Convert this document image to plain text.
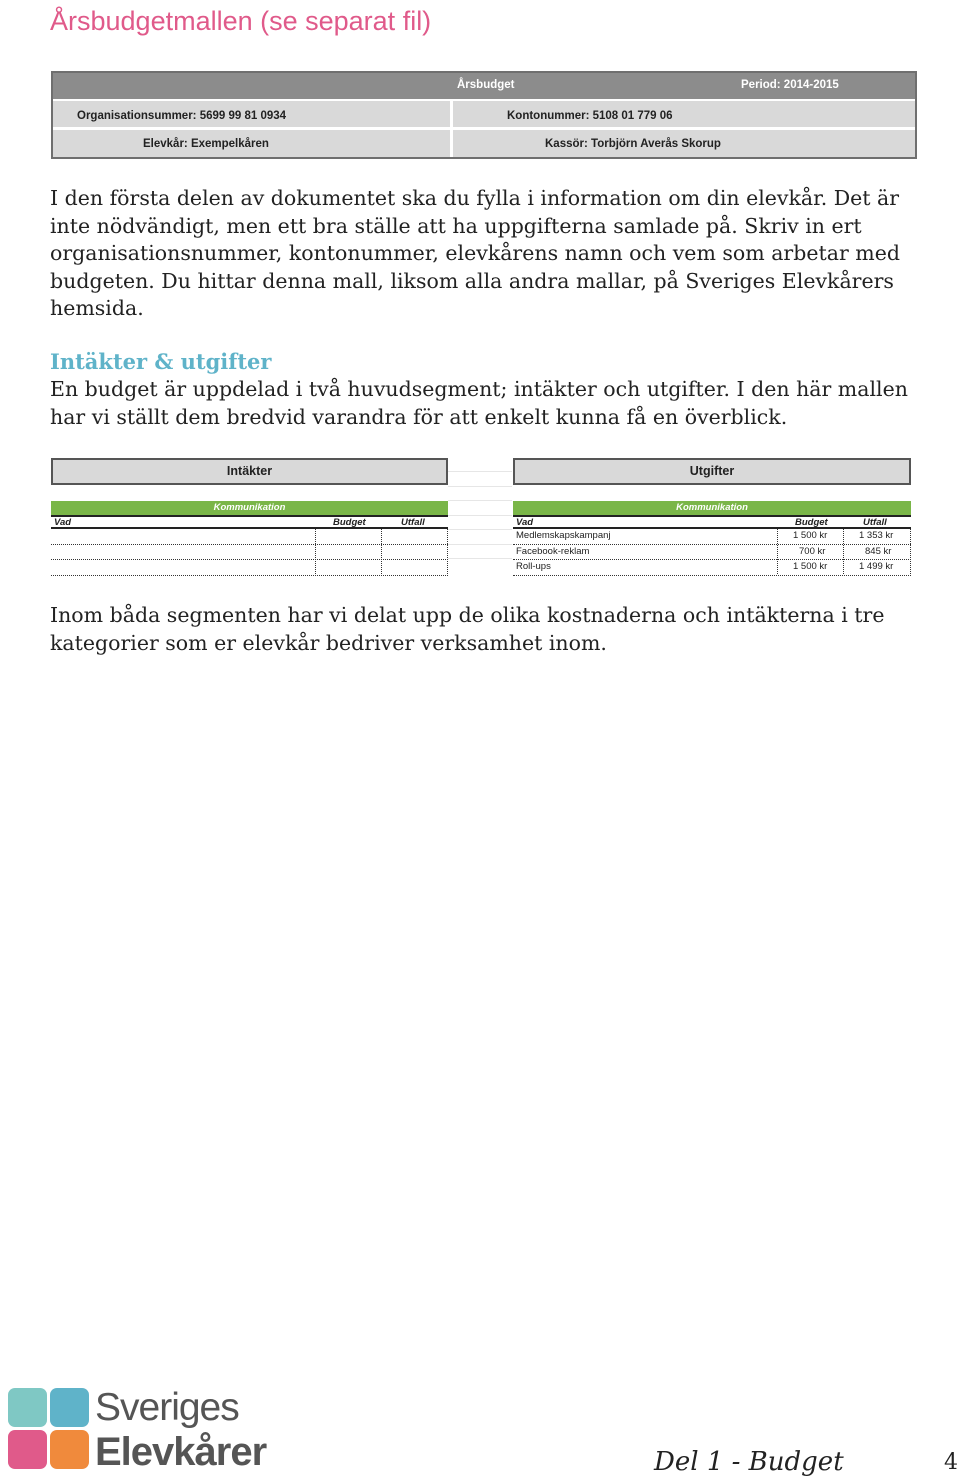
Årsbudgetmallen (se separat fil)
Årsbudget	Period: 2014-2015
Organisationsummer: 5699 99 81 0934	Kontonummer: 5108 01 779 06
Elevkår: Exempelkåren	Kassör: Torbjörn Averås Skorup
I den första delen av dokumentet ska du fylla i information om din elevkår. Det är inte nödvändigt, men ett bra ställe att ha uppgifterna samlade på. Skriv in ert organisationsnummer, kontonummer, elevkårens namn och vem som arbetar med budgeten. Du hittar denna mall, liksom alla andra mallar, på Sveriges Elevkårers hemsida.
Intäkter & utgifter
En budget är uppdelad i två huvudsegment; intäkter och utgifter. I den här mallen har vi ställt dem bredvid varandra för att enkelt kunna få en överblick.
Intäkter
Kommunikation
Vad	Budget	Utfall
Utgifter
Kommunikation
Vad	Budget	Utfall
Medlemskapskampanj	1 500 kr	1 353 kr
Facebook-reklam	700 kr	845 kr
Roll-ups	1 500 kr	1 499 kr
Inom båda segmenten har vi delat upp de olika kostnaderna och intäkterna i tre kategorier som er elevkår bedriver verksamhet inom.
Sveriges
Elevkårer	Del 1 - Budget	4
